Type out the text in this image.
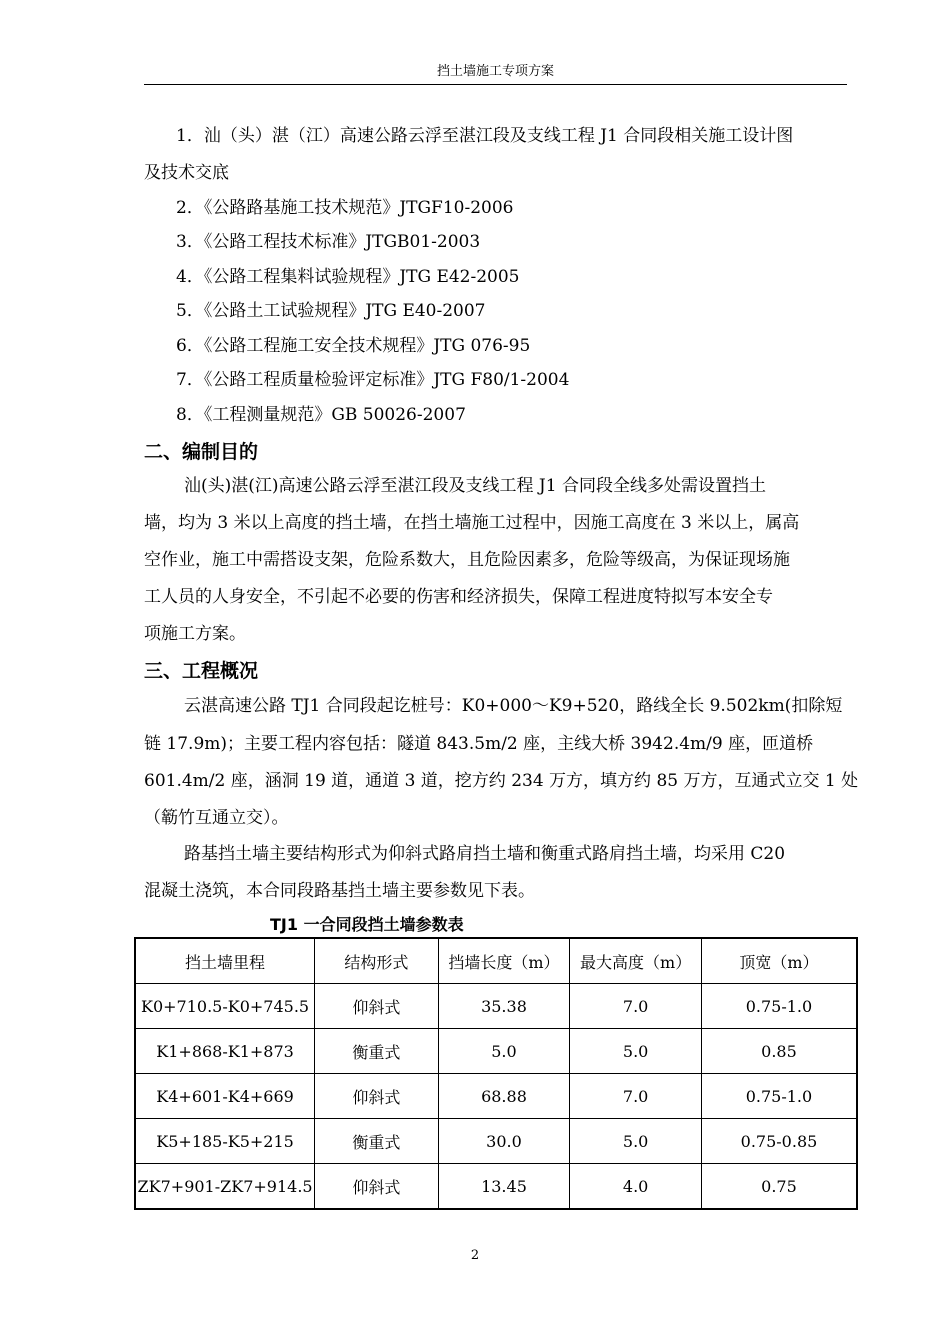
挡土墙施工专项方案

1．汕（头）湛（江）高速公路云浮至湛江段及支线工程 J1 合同段相关施工设计图

及技术交底

2．《公路路基施工技术规范》JTGF10-2006

3．《公路工程技术标准》JTGB01-2003

4．《公路工程集料试验规程》JTG E42-2005

5．《公路土工试验规程》JTG E40-2007

6．《公路工程施工安全技术规程》JTG 076-95

7．《公路工程质量检验评定标准》JTG F80/1-2004

8．《工程测量规范》GB 50026-2007

二、编制目的

汕(头)湛(江)高速公路云浮至湛江段及支线工程 J1 合同段全线多处需设置挡土

墙，均为 3 米以上高度的挡土墙，在挡土墙施工过程中，因施工高度在 3 米以上，属高

空作业，施工中需搭设支架，危险系数大，且危险因素多，危险等级高，为保证现场施

工人员的人身安全，不引起不必要的伤害和经济损失，保障工程进度特拟写本安全专

项施工方案。

三、工程概况

云湛高速公路 TJ1 合同段起讫桩号：K0+000～K9+520，路线全长 9.502km(扣除短

链 17.9m)；主要工程内容包括：隧道 843.5m/2 座，主线大桥 3942.4m/9 座，匝道桥

601.4m/2 座，涵洞 19 道，通道 3 道，挖方约 234 万方，填方约 85 万方，互通式立交 1 处

（簕竹互通立交）。

路基挡土墙主要结构形式为仰斜式路肩挡土墙和衡重式路肩挡土墙，均采用 C20

混凝土浇筑，本合同段路基挡土墙主要参数见下表。

TJ1 一合同段挡土墙参数表
挡土墙里程	结构形式	挡墙长度（m）	最大高度（m）	顶宽（m）
K0+710.5-K0+745.5	仰斜式	35.38	7.0	0.75-1.0
K1+868-K1+873	衡重式	5.0	5.0	0.85
K4+601-K4+669	仰斜式	68.88	7.0	0.75-1.0
K5+185-K5+215	衡重式	30.0	5.0	0.75-0.85
ZK7+901-ZK7+914.5	仰斜式	13.45	4.0	0.75
2
